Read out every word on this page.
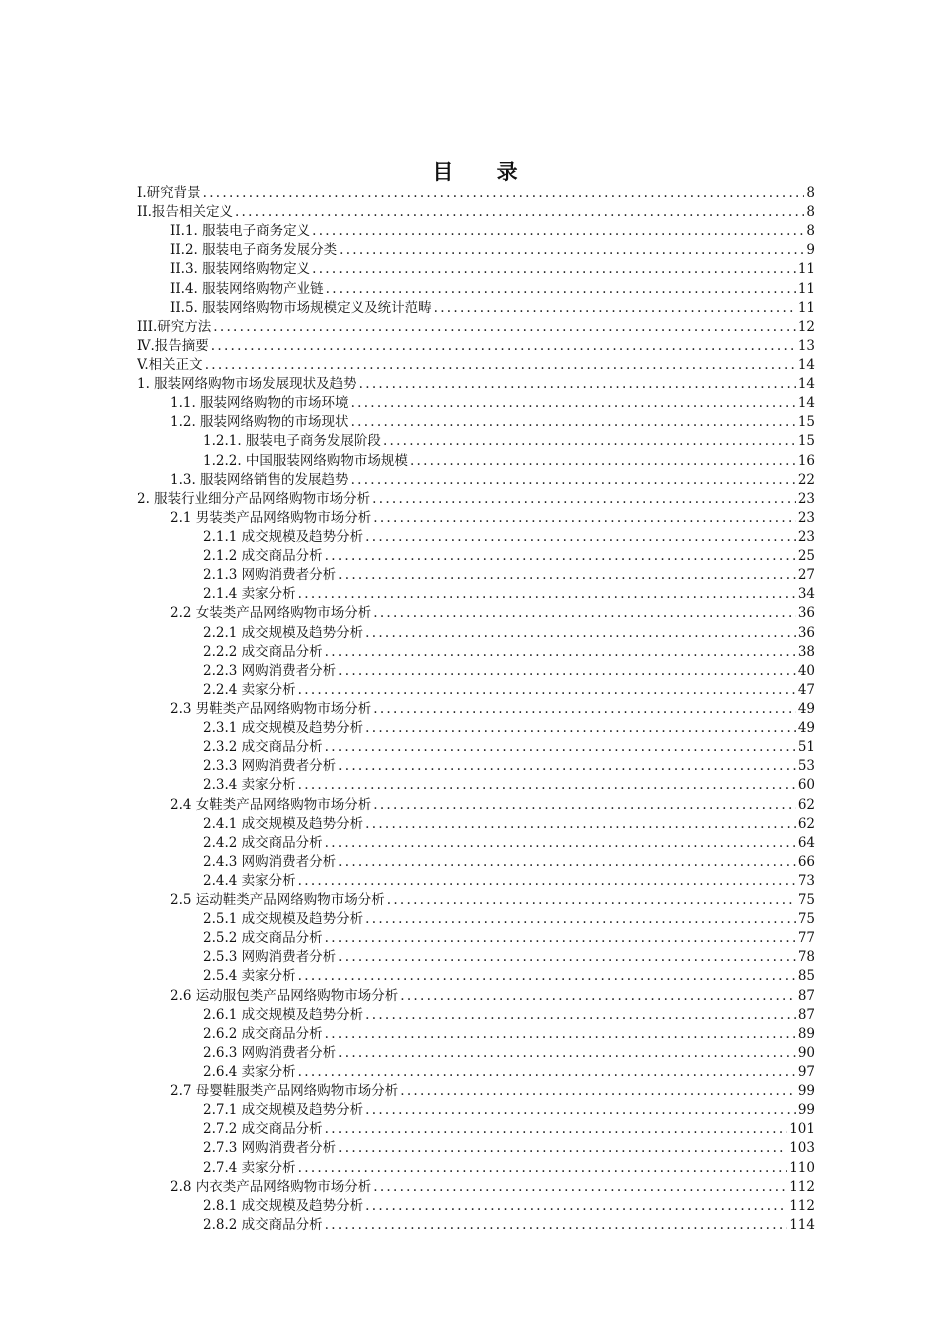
目 录
I.研究背景 . . .	8
II.报告相关定义 . . .	8
II.1. 服装电子商务定义 . . .	8
II.2. 服装电子商务发展分类 . . .	9
II.3. 服装网络购物定义 . . .	11
II.4. 服装网络购物产业链 . . .	11
II.5. 服装网络购物市场规模定义及统计范畴 . . .	11
III.研究方法 . . .	12
Ⅳ.报告摘要 . . .	13
V.相关正文 . . .	14
1. 服装网络购物市场发展现状及趋势 . . .	14
1.1. 服装网络购物的市场环境 . . .	14
1.2. 服装网络购物的市场现状 . . .	15
1.2.1. 服装电子商务发展阶段 . . .	15
1.2.2. 中国服装网络购物市场规模 . . .	16
1.3. 服装网络销售的发展趋势 . . .	22
2. 服装行业细分产品网络购物市场分析 . . .	23
2.1 男装类产品网络购物市场分析 . . .	23
2.1.1 成交规模及趋势分析 . . .	23
2.1.2 成交商品分析 . . .	25
2.1.3 网购消费者分析 . . .	27
2.1.4 卖家分析 . . .	34
2.2 女装类产品网络购物市场分析 . . .	36
2.2.1 成交规模及趋势分析 . . .	36
2.2.2 成交商品分析 . . .	38
2.2.3 网购消费者分析 . . .	40
2.2.4 卖家分析 . . .	47
2.3 男鞋类产品网络购物市场分析 . . .	49
2.3.1 成交规模及趋势分析 . . .	49
2.3.2 成交商品分析 . . .	51
2.3.3 网购消费者分析 . . .	53
2.3.4 卖家分析 . . .	60
2.4 女鞋类产品网络购物市场分析 . . .	62
2.4.1 成交规模及趋势分析 . . .	62
2.4.2 成交商品分析 . . .	64
2.4.3 网购消费者分析 . . .	66
2.4.4 卖家分析 . . .	73
2.5 运动鞋类产品网络购物市场分析 . . .	75
2.5.1 成交规模及趋势分析 . . .	75
2.5.2 成交商品分析 . . .	77
2.5.3 网购消费者分析 . . .	78
2.5.4 卖家分析 . . .	85
2.6 运动服包类产品网络购物市场分析 . . .	87
2.6.1 成交规模及趋势分析 . . .	87
2.6.2 成交商品分析 . . .	89
2.6.3 网购消费者分析 . . .	90
2.6.4 卖家分析 . . .	97
2.7 母婴鞋服类产品网络购物市场分析 . . .	99
2.7.1 成交规模及趋势分析 . . .	99
2.7.2 成交商品分析 . . .	101
2.7.3 网购消费者分析 . . .	103
2.7.4 卖家分析 . . .	110
2.8 内衣类产品网络购物市场分析 . . .	112
2.8.1 成交规模及趋势分析 . . .	112
2.8.2 成交商品分析 . . .	114
